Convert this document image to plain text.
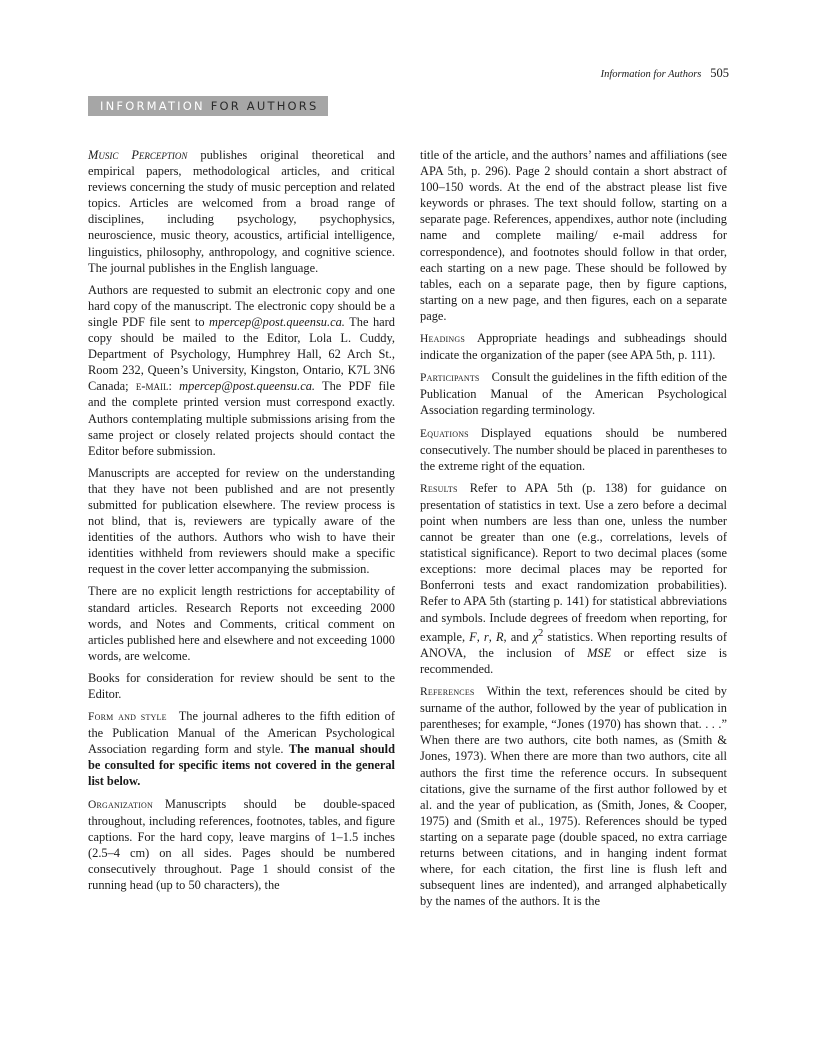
Information for Authors 505
INFORMATION FOR AUTHORS

Music Perception publishes original theoretical and empirical papers, methodological articles, and critical reviews concerning the study of music perception and related topics. Articles are welcomed from a broad range of disciplines, including psychology, psychophysics, neuroscience, music theory, acoustics, artificial intelligence, linguistics, philosophy, anthropology, and cognitive science. The journal publishes in the English language.

Authors are requested to submit an electronic copy and one hard copy of the manuscript. The electronic copy should be a single PDF file sent to mpercep@post.queensu.ca. The hard copy should be mailed to the Editor, Lola L. Cuddy, Department of Psychology, Humphrey Hall, 62 Arch St., Room 232, Queen’s University, Kingston, Ontario, K7L 3N6 Canada; e-mail: mpercep@post.queensu.ca. The PDF file and the complete printed version must correspond exactly. Authors contemplating multiple submissions arising from the same project or closely related projects should contact the Editor before submission.

Manuscripts are accepted for review on the understanding that they have not been published and are not presently submitted for publication elsewhere. The review process is not blind, that is, reviewers are typically aware of the identities of the authors. Authors who wish to have their identities withheld from reviewers should make a specific request in the cover letter accompanying the submission.

There are no explicit length restrictions for acceptability of standard articles. Research Reports not exceeding 2000 words, and Notes and Comments, critical comment on articles published here and elsewhere and not exceeding 1000 words, are welcome.

Books for consideration for review should be sent to the Editor.

Form and style The journal adheres to the fifth edition of the Publication Manual of the American Psychological Association regarding form and style. The manual should be consulted for specific items not covered in the general list below.

Organization Manuscripts should be double-spaced throughout, including references, footnotes, tables, and figure captions. For the hard copy, leave margins of 1–1.5 inches (2.5–4 cm) on all sides. Pages should be numbered consecutively throughout. Page 1 should consist of the running head (up to 50 characters), the

title of the article, and the authors’ names and affiliations (see APA 5th, p. 296). Page 2 should contain a short abstract of 100–150 words. At the end of the abstract please list five keywords or phrases. The text should follow, starting on a separate page. References, appendixes, author note (including name and complete mailing/ e-mail address for correspondence), and footnotes should follow in that order, each starting on a new page. These should be followed by tables, each on a separate page, then by figure captions, starting on a new page, and then figures, each on a separate page.

Headings Appropriate headings and subheadings should indicate the organization of the paper (see APA 5th, p. 111).

Participants Consult the guidelines in the fifth edition of the Publication Manual of the American Psychological Association regarding terminology.

Equations Displayed equations should be numbered consecutively. The number should be placed in parentheses to the extreme right of the equation.

Results Refer to APA 5th (p. 138) for guidance on presentation of statistics in text. Use a zero before a decimal point when numbers are less than one, unless the number cannot be greater than one (e.g., correlations, levels of statistical significance). Report to two decimal places (some exceptions: more decimal places may be reported for Bonferroni tests and exact randomization probabilities). Refer to APA 5th (starting p. 141) for statistical abbreviations and symbols. Include degrees of freedom when reporting, for example, F, r, R, and $\chi^2$ statistics. When reporting results of ANOVA, the inclusion of MSE or effect size is recommended.

References Within the text, references should be cited by surname of the author, followed by the year of publication in parentheses; for example, “Jones (1970) has shown that. . . .” When there are two authors, cite both names, as (Smith & Jones, 1973). When there are more than two authors, cite all authors the first time the reference occurs. In subsequent citations, give the surname of the first author followed by et al. and the year of publication, as (Smith, Jones, & Cooper, 1975) and (Smith et al., 1975). References should be typed starting on a separate page (double spaced, no extra carriage returns between citations, and in hanging indent format where, for each citation, the first line is flush left and subsequent lines are indented), and arranged alphabetically by the names of the authors. It is the
